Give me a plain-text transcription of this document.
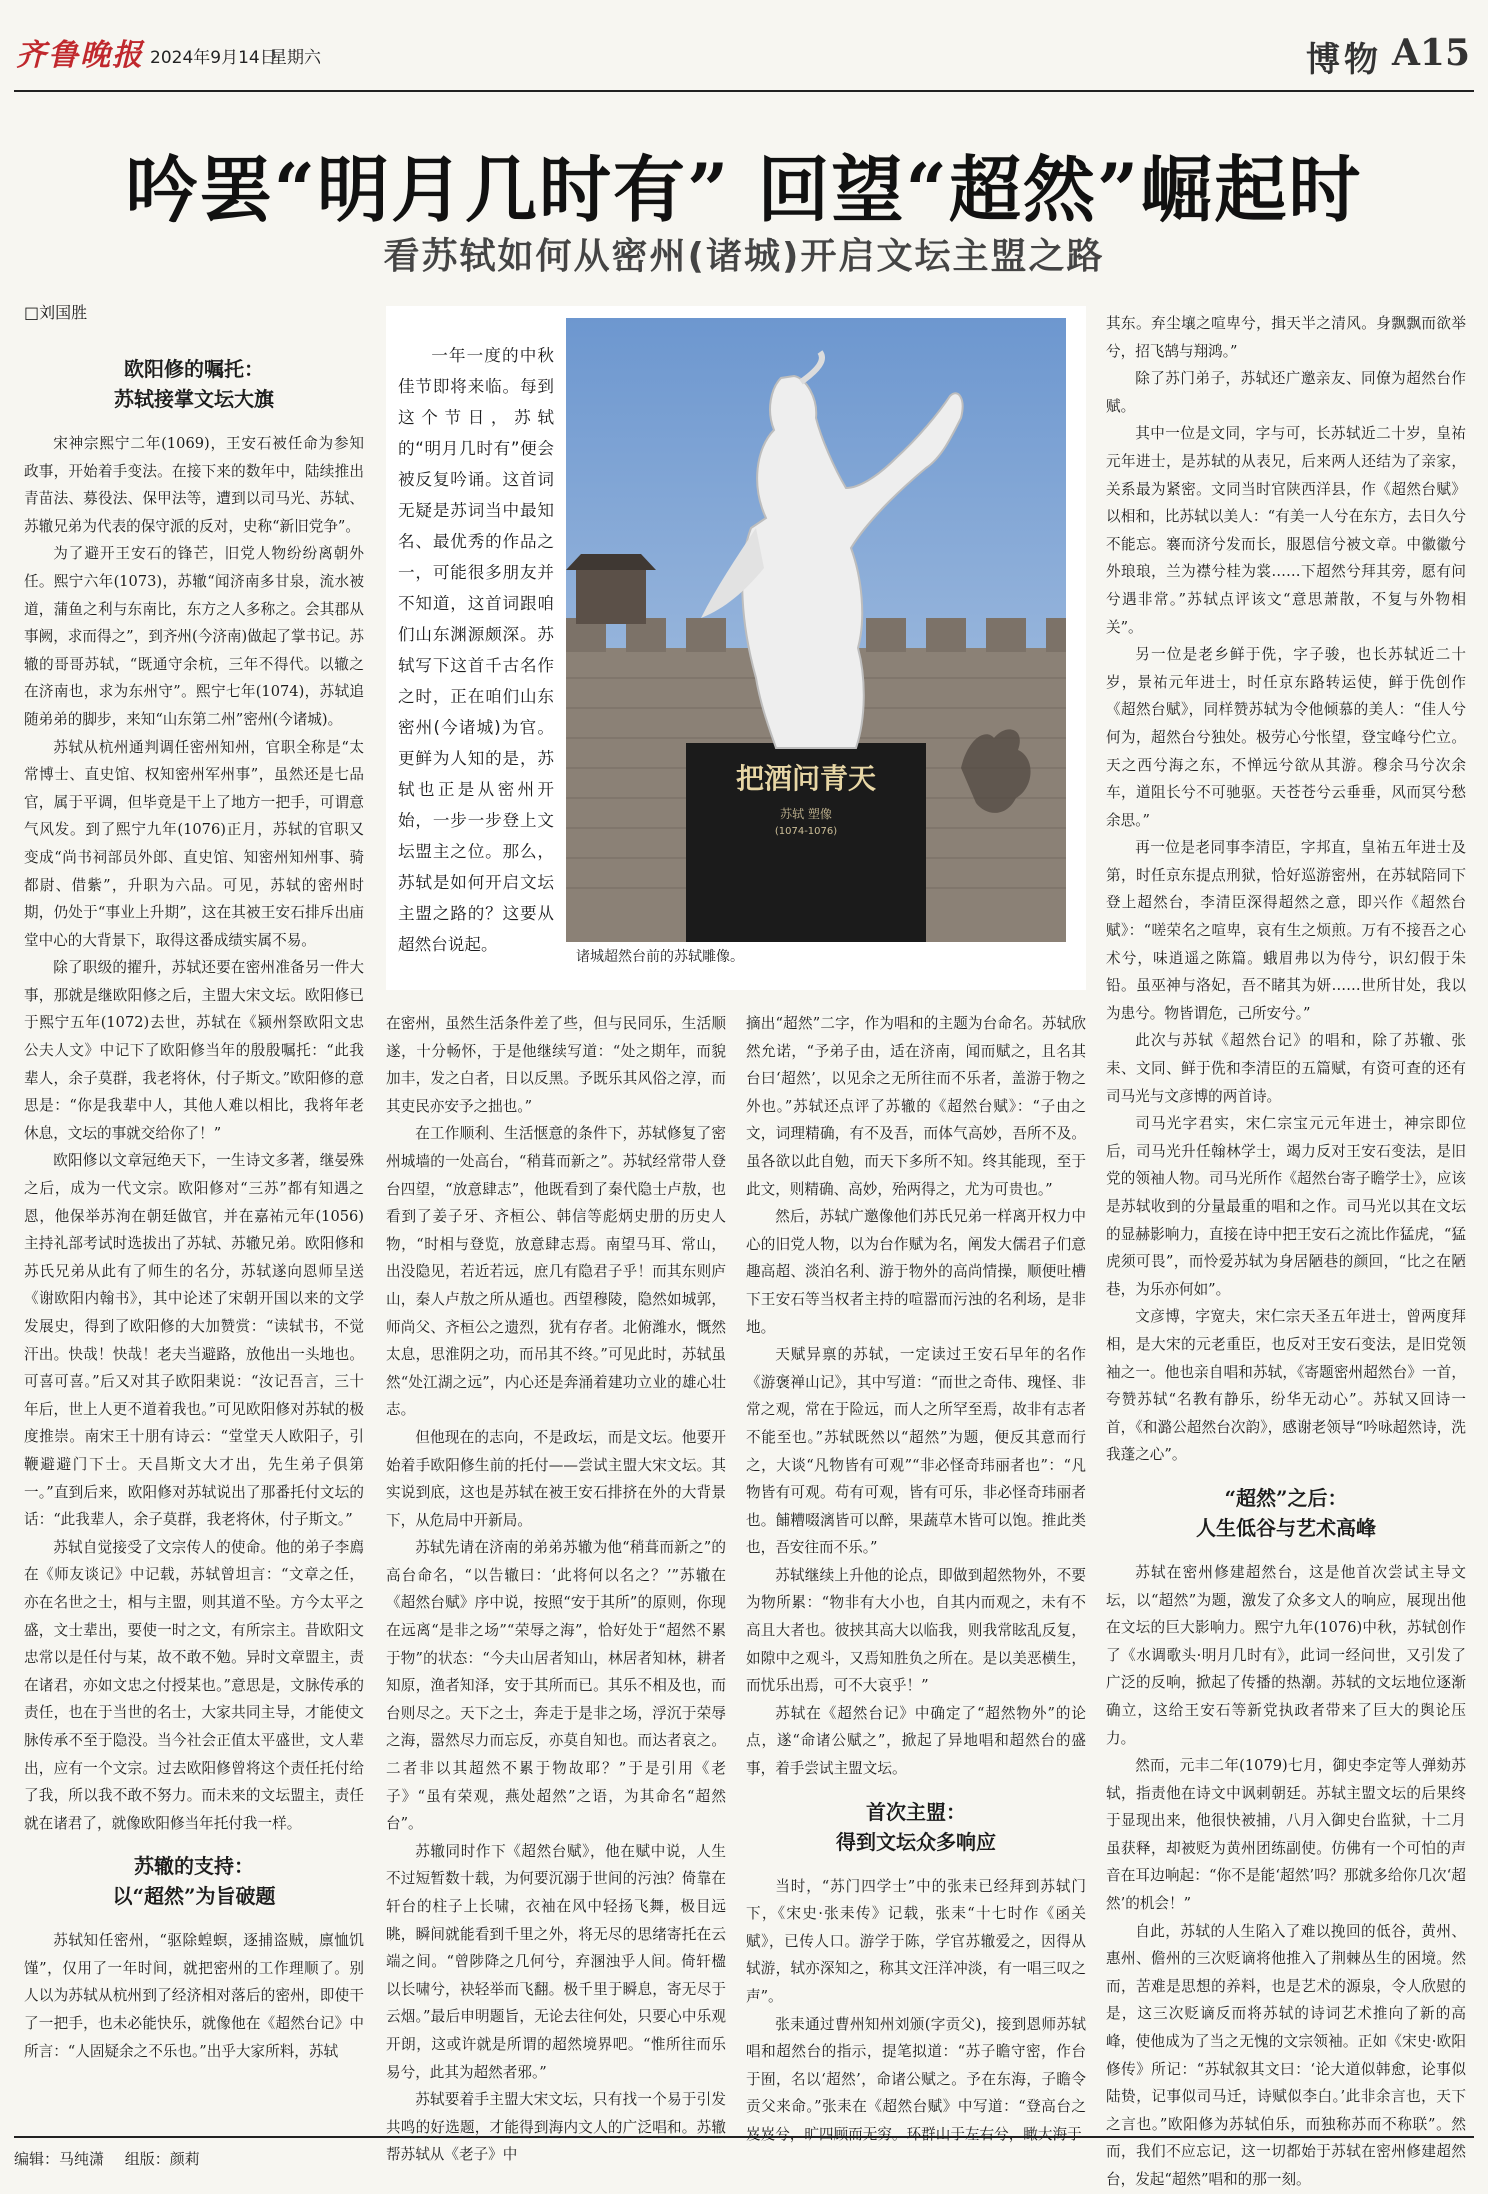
齐鲁晚报 2024年9月14日
星期六	博物 A15
吟罢“明月几时有” 回望“超然”崛起时
看苏轼如何从密州(诸城)开启文坛主盟之路
□刘国胜
欧阳修的嘱托：
苏轼接掌文坛大旗

宋神宗熙宁二年(1069)，王安石被任命为参知政事，开始着手变法。在接下来的数年中，陆续推出青苗法、募役法、保甲法等，遭到以司马光、苏轼、苏辙兄弟为代表的保守派的反对，史称“新旧党争”。

为了避开王安石的锋芒，旧党人物纷纷离朝外任。熙宁六年(1073)，苏辙“闻济南多甘泉，流水被道，蒲鱼之利与东南比，东方之人多称之。会其郡从事阙，求而得之”，到齐州(今济南)做起了掌书记。苏辙的哥哥苏轼，“既通守余杭，三年不得代。以辙之在济南也，求为东州守”。熙宁七年(1074)，苏轼追随弟弟的脚步，来知“山东第二州”密州(今诸城)。

苏轼从杭州通判调任密州知州，官职全称是“太常博士、直史馆、权知密州军州事”，虽然还是七品官，属于平调，但毕竟是干上了地方一把手，可谓意气风发。到了熙宁九年(1076)正月，苏轼的官职又变成“尚书祠部员外郎、直史馆、知密州知州事、骑都尉、借紫”，升职为六品。可见，苏轼的密州时期，仍处于“事业上升期”，这在其被王安石排斥出庙堂中心的大背景下，取得这番成绩实属不易。

除了职级的擢升，苏轼还要在密州准备另一件大事，那就是继欧阳修之后，主盟大宋文坛。欧阳修已于熙宁五年(1072)去世，苏轼在《颍州祭欧阳文忠公夫人文》中记下了欧阳修当年的殷殷嘱托：“此我辈人，余子莫群，我老将休，付子斯文。”欧阳修的意思是：“你是我辈中人，其他人难以相比，我将年老休息，文坛的事就交给你了！”

欧阳修以文章冠绝天下，一生诗文多著，继晏殊之后，成为一代文宗。欧阳修对“三苏”都有知遇之恩，他保举苏洵在朝廷做官，并在嘉祐元年(1056)主持礼部考试时选拔出了苏轼、苏辙兄弟。欧阳修和苏氏兄弟从此有了师生的名分，苏轼遂向恩师呈送《谢欧阳内翰书》，其中论述了宋朝开国以来的文学发展史，得到了欧阳修的大加赞赏：“读轼书，不觉汗出。快哉！快哉！老夫当避路，放他出一头地也。可喜可喜。”后又对其子欧阳棐说：“汝记吾言，三十年后，世上人更不道着我也。”可见欧阳修对苏轼的极度推崇。南宋王十朋有诗云：“堂堂天人欧阳子，引鞭避避门下士。天昌斯文大才出，先生弟子俱第一。”直到后来，欧阳修对苏轼说出了那番托付文坛的话：“此我辈人，余子莫群，我老将休，付子斯文。”

苏轼自觉接受了文宗传人的使命。他的弟子李廌在《师友谈记》中记载，苏轼曾坦言：“文章之任，亦在名世之士，相与主盟，则其道不坠。方今太平之盛，文士辈出，要使一时之文，有所宗主。昔欧阳文忠常以是任付与某，故不敢不勉。异时文章盟主，责在诸君，亦如文忠之付授某也。”意思是，文脉传承的责任，也在于当世的名士，大家共同主导，才能使文脉传承不至于隐没。当今社会正值太平盛世，文人辈出，应有一个文宗。过去欧阳修曾将这个责任托付给了我，所以我不敢不努力。而未来的文坛盟主，责任就在诸君了，就像欧阳修当年托付我一样。

苏辙的支持：
以“超然”为旨破题

苏轼知任密州，“驱除蝗螟，逐捕盗贼，廪恤饥馑”，仅用了一年时间，就把密州的工作理顺了。别人以为苏轼从杭州到了经济相对落后的密州，即使干了一把手，也未必能快乐，就像他在《超然台记》中所言：“人固疑余之不乐也。”出乎大家所料，苏轼

一年一度的中秋佳节即将来临。每到这个节日，苏轼的“明月几时有”便会被反复吟诵。这首词无疑是苏词当中最知名、最优秀的作品之一，可能很多朋友并不知道，这首词跟咱们山东渊源颇深。苏轼写下这首千古名作之时，正在咱们山东密州(今诸城)为官。更鲜为人知的是，苏轼也正是从密州开始，一步一步登上文坛盟主之位。那么，苏轼是如何开启文坛主盟之路的？这要从超然台说起。
把酒问青天
苏轼 塑像
(1074-1076)
诸城超然台前的苏轼雕像。

在密州，虽然生活条件差了些，但与民同乐，生活顺遂，十分畅怀，于是他继续写道：“处之期年，而貌加丰，发之白者，日以反黑。予既乐其风俗之淳，而其吏民亦安予之拙也。”

在工作顺利、生活惬意的条件下，苏轼修复了密州城墙的一处高台，“稍葺而新之”。苏轼经常带人登台四望，“放意肆志”，他既看到了秦代隐士卢敖，也看到了姜子牙、齐桓公、韩信等彪炳史册的历史人物，“时相与登览，放意肆志焉。南望马耳、常山，出没隐见，若近若远，庶几有隐君子乎！而其东则庐山，秦人卢敖之所从遁也。西望穆陵，隐然如城郭，师尚父、齐桓公之遗烈，犹有存者。北俯潍水，慨然太息，思淮阴之功，而吊其不终。”可见此时，苏轼虽然“处江湖之远”，内心还是奔涌着建功立业的雄心壮志。

但他现在的志向，不是政坛，而是文坛。他要开始着手欧阳修生前的托付——尝试主盟大宋文坛。其实说到底，这也是苏轼在被王安石排挤在外的大背景下，从危局中开新局。

苏轼先请在济南的弟弟苏辙为他“稍葺而新之”的高台命名，“以告辙曰：‘此将何以名之？’”苏辙在《超然台赋》序中说，按照“安于其所”的原则，你现在远离“是非之场”“荣辱之海”，恰好处于“超然不累于物”的状态：“今夫山居者知山，林居者知林，耕者知原，渔者知泽，安于其所而已。其乐不相及也，而台则尽之。天下之士，奔走于是非之场，浮沉于荣辱之海，嚣然尽力而忘反，亦莫自知也。而达者哀之。二者非以其超然不累于物故耶？”于是引用《老子》“虽有荣观，燕处超然”之语，为其命名“超然台”。

苏辙同时作下《超然台赋》，他在赋中说，人生不过短暂数十载，为何要沉溺于世间的污浊？倚靠在轩台的柱子上长啸，衣袖在风中轻扬飞舞，极目远眺，瞬间就能看到千里之外，将无尽的思绪寄托在云端之间。“曾陟降之几何兮，弃溷浊乎人间。倚轩楹以长啸兮，袂轻举而飞翻。极千里于瞬息，寄无尽于云烟。”最后申明题旨，无论去往何处，只要心中乐观开朗，这或许就是所谓的超然境界吧。“惟所往而乐易兮，此其为超然者邪。”

苏轼要着手主盟大宋文坛，只有找一个易于引发共鸣的好选题，才能得到海内文人的广泛唱和。苏辙帮苏轼从《老子》中

摘出“超然”二字，作为唱和的主题为台命名。苏轼欣然允诺，“予弟子由，适在济南，闻而赋之，且名其台曰‘超然’，以见余之无所往而不乐者，盖游于物之外也。”苏轼还点评了苏辙的《超然台赋》：“子由之文，词理精确，有不及吾，而体气高妙，吾所不及。虽各欲以此自勉，而天下多所不知。终其能现，至于此文，则精确、高妙，殆两得之，尤为可贵也。”

然后，苏轼广邀像他们苏氏兄弟一样离开权力中心的旧党人物，以为台作赋为名，阐发大儒君子们意趣高超、淡泊名利、游于物外的高尚情操，顺便吐槽下王安石等当权者主持的喧嚣而污浊的名利场，是非地。

天赋异禀的苏轼，一定读过王安石早年的名作《游褒禅山记》，其中写道：“而世之奇伟、瑰怪、非常之观，常在于险远，而人之所罕至焉，故非有志者不能至也。”苏轼既然以“超然”为题，便反其意而行之，大谈“凡物皆有可观”“非必怪奇玮丽者也”：“凡物皆有可观。苟有可观，皆有可乐，非必怪奇玮丽者也。餔糟啜漓皆可以醉，果蔬草木皆可以饱。推此类也，吾安往而不乐。”

苏轼继续上升他的论点，即做到超然物外，不要为物所累：“物非有大小也，自其内而观之，未有不高且大者也。彼挟其高大以临我，则我常眩乱反复，如隙中之观斗，又焉知胜负之所在。是以美恶横生，而忧乐出焉，可不大哀乎！”

苏轼在《超然台记》中确定了“超然物外”的论点，遂“命诸公赋之”，掀起了异地唱和超然台的盛事，着手尝试主盟文坛。

首次主盟：
得到文坛众多响应

当时，“苏门四学士”中的张耒已经拜到苏轼门下，《宋史·张耒传》记载，张耒“十七时作《函关赋》，已传人口。游学于陈，学官苏辙爱之，因得从轼游，轼亦深知之，称其文汪洋冲淡，有一唱三叹之声”。

张耒通过曹州知州刘颁(字贡父)，接到恩师苏轼唱和超然台的指示，提笔拟道：“苏子瞻守密，作台于囿，名以‘超然’，命诸公赋之。予在东海，子瞻令贡父来命。”张耒在《超然台赋》中写道：“登高台之岌岌兮，旷四顾而无穷。环群山于左右兮，瞰大海于

其东。弃尘壤之喧卑兮，揖天半之清风。身飘飘而欲举兮，招飞鹄与翔鸿。”

除了苏门弟子，苏轼还广邀亲友、同僚为超然台作赋。

其中一位是文同，字与可，长苏轼近二十岁，皇祐元年进士，是苏轼的从表兄，后来两人还结为了亲家，关系最为紧密。文同当时官陕西洋县，作《超然台赋》以相和，比苏轼以美人：“有美一人兮在东方，去日久兮不能忘。褰而济兮发而长，服恩信兮被文章。中徽徽兮外琅琅，兰为襟兮桂为裳……下超然兮拜其旁，愿有问兮遇非常。”苏轼点评该文“意思萧散，不复与外物相关”。

另一位是老乡鲜于侁，字子骏，也长苏轼近二十岁，景祐元年进士，时任京东路转运使，鲜于侁创作《超然台赋》，同样赞苏轼为令他倾慕的美人：“佳人兮何为，超然台兮独处。极劳心兮怅望，登宝峰兮伫立。天之西兮海之东，不惮远兮欲从其游。穆余马兮次余车，道阻长兮不可驰驱。天苍苍兮云垂垂，风而冥兮愁余思。”

再一位是老同事李清臣，字邦直，皇祐五年进士及第，时任京东提点刑狱，恰好巡游密州，在苏轼陪同下登上超然台，李清臣深得超然之意，即兴作《超然台赋》：“嗟荣名之喧卑，哀有生之烦煎。万有不接吾之心术兮，味逍遥之陈篇。蛾眉弗以为侍兮，识幻假于朱铅。虽巫神与洛妃，吾不睹其为妍……世所甘处，我以为患兮。物皆谓危，己所安兮。”

此次与苏轼《超然台记》的唱和，除了苏辙、张耒、文同、鲜于侁和李清臣的五篇赋，有资可查的还有司马光与文彦博的两首诗。

司马光字君实，宋仁宗宝元元年进士，神宗即位后，司马光升任翰林学士，竭力反对王安石变法，是旧党的领袖人物。司马光所作《超然台寄子瞻学士》，应该是苏轼收到的分量最重的唱和之作。司马光以其在文坛的显赫影响力，直接在诗中把王安石之流比作猛虎，“猛虎须可畏”，而怜爱苏轼为身居陋巷的颜回，“比之在陋巷，为乐亦何如”。

文彦博，字宽夫，宋仁宗天圣五年进士，曾两度拜相，是大宋的元老重臣，也反对王安石变法，是旧党领袖之一。他也亲自唱和苏轼，《寄题密州超然台》一首，夸赞苏轼“名教有静乐，纷华无动心”。苏轼又回诗一首，《和潞公超然台次韵》，感谢老领导“吟咏超然诗，洗我蓬之心”。

“超然”之后：
人生低谷与艺术高峰

苏轼在密州修建超然台，这是他首次尝试主导文坛，以“超然”为题，激发了众多文人的响应，展现出他在文坛的巨大影响力。熙宁九年(1076)中秋，苏轼创作了《水调歌头·明月几时有》，此词一经问世，又引发了广泛的反响，掀起了传播的热潮。苏轼的文坛地位逐渐确立，这给王安石等新党执政者带来了巨大的舆论压力。

然而，元丰二年(1079)七月，御史李定等人弹劾苏轼，指责他在诗文中讽刺朝廷。苏轼主盟文坛的后果终于显现出来，他很快被捕，八月入御史台监狱，十二月虽获释，却被贬为黄州团练副使。仿佛有一个可怕的声音在耳边响起：“你不是能‘超然’吗？那就多给你几次‘超然’的机会！”

自此，苏轼的人生陷入了难以挽回的低谷，黄州、惠州、儋州的三次贬谪将他推入了荆棘丛生的困境。然而，苦难是思想的养料，也是艺术的源泉，令人欣慰的是，这三次贬谪反而将苏轼的诗词艺术推向了新的高峰，使他成为了当之无愧的文宗领袖。正如《宋史·欧阳修传》所记：“苏轼叙其文曰：‘论大道似韩愈，论事似陆贽，记事似司马迁，诗赋似李白。’此非余言也，天下之言也。”欧阳修为苏轼伯乐，而独称苏而不称联”。然而，我们不应忘记，这一切都始于苏轼在密州修建超然台，发起“超然”唱和的那一刻。

编辑：马纯潇 组版：颜莉
